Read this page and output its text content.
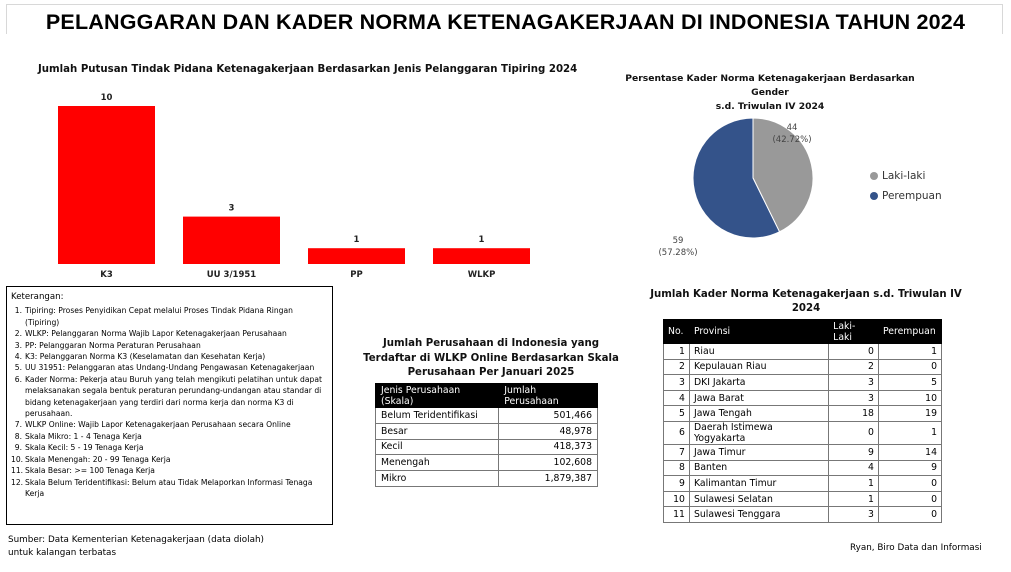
PELANGGARAN DAN KADER NORMA KETENAGAKERJAAN DI INDONESIA TAHUN 2024
Jumlah Putusan Tindak Pidana Ketenagakerjaan Berdasarkan Jenis Pelanggaran Tipiring 2024
10
K3
3
UU 3/1951
1
PP
1
WLKP
Persentase Kader Norma Ketenagakerjaan Berdasarkan Gender
s.d. Triwulan IV 2024
44
(42.72%)
59
(57.28%)
Laki-laki
Perempuan
Keterangan:
1. Tipiring: Proses Penyidikan Cepat melalui Proses Tindak Pidana Ringan (Tipiring)
2. WLKP: Pelanggaran Norma Wajib Lapor Ketenagakerjaan Perusahaan
3. PP: Pelanggaran Norma Peraturan Perusahaan
4. K3: Pelanggaran Norma K3 (Keselamatan dan Kesehatan Kerja)
5. UU 31951: Pelanggaran atas Undang-Undang Pengawasan Ketenagakerjaan
6. Kader Norma: Pekerja atau Buruh yang telah mengikuti pelatihan untuk dapat melaksanakan segala bentuk peraturan perundang-undangan atau standar di bidang ketenagakerjaan yang terdiri dari norma kerja dan norma K3 di perusahaan.
7. WLKP Online: Wajib Lapor Ketenagakerjaan Perusahaan secara Online
8. Skala Mikro: 1 - 4 Tenaga Kerja
9. Skala Kecil: 5 - 19 Tenaga Kerja
10. Skala Menengah: 20 - 99 Tenaga Kerja
11. Skala Besar: >= 100 Tenaga Kerja
12. Skala Belum Teridentifikasi: Belum atau Tidak Melaporkan Informasi Tenaga Kerja
Jumlah Perusahaan di Indonesia yang
Terdaftar di WLKP Online Berdasarkan Skala
Perusahaan Per Januari 2025
Jenis Perusahaan (Skala)	Jumlah Perusahaan
Belum Teridentifikasi	501,466
Besar	48,978
Kecil	418,373
Menengah	102,608
Mikro	1,879,387
Jumlah Kader Norma Ketenagakerjaan s.d. Triwulan IV
2024
No.	Provinsi	Laki-Laki	Perempuan
1	Riau	0	1
2	Kepulauan Riau	2	0
3	DKI Jakarta	3	5
4	Jawa Barat	3	10
5	Jawa Tengah	18	19
6	Daerah Istimewa Yogyakarta	0	1
7	Jawa Timur	9	14
8	Banten	4	9
9	Kalimantan Timur	1	0
10	Sulawesi Selatan	1	0
11	Sulawesi Tenggara	3	0
Sumber: Data Kementerian Ketenagakerjaan (data diolah)
untuk kalangan terbatas	Ryan, Biro Data dan Informasi
